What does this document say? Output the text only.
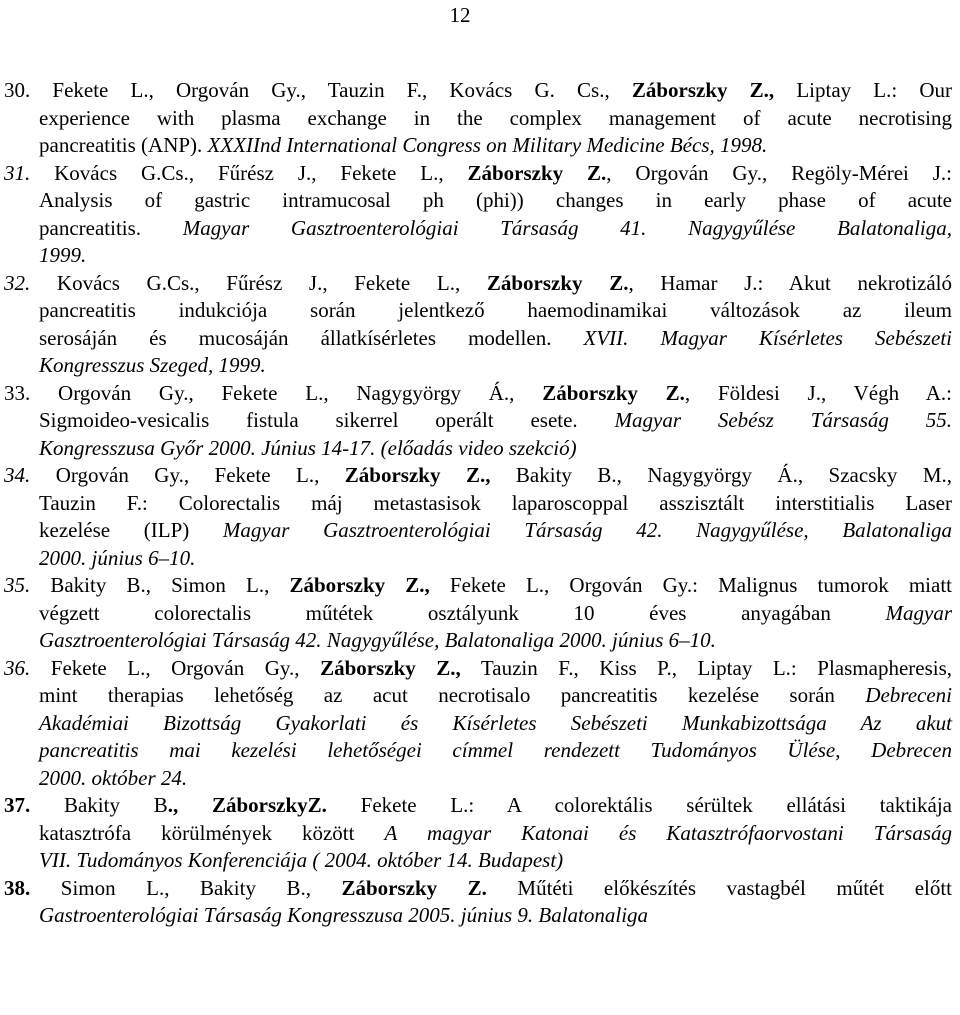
12

30. Fekete L., Orgován Gy., Tauzin F., Kovács G. Cs., Záborszky Z., Liptay L.: Our

experience with plasma exchange in the complex management of acute necrotising

pancreatitis (ANP). XXXIInd International Congress on Military Medicine Bécs, 1998.

31. Kovács G.Cs., Fűrész J., Fekete L., Záborszky Z., Orgován Gy., Regöly-Mérei J.:

Analysis of gastric intramucosal ph (phi)) changes in early phase of acute

pancreatitis. Magyar Gasztroenterológiai Társaság 41. Nagygyűlése Balatonaliga,

1999.

32. Kovács G.Cs., Fűrész J., Fekete L., Záborszky Z., Hamar J.: Akut nekrotizáló

pancreatitis indukciója során jelentkező haemodinamikai változások az ileum

serosáján és mucosáján állatkísérletes modellen. XVII. Magyar Kísérletes Sebészeti

Kongresszus Szeged, 1999.

33. Orgován Gy., Fekete L., Nagygyörgy Á., Záborszky Z., Földesi J., Végh A.:

Sigmoideo-vesicalis fistula sikerrel operált esete. Magyar Sebész Társaság 55.

Kongresszusa Győr 2000. Június 14-17. (előadás video szekció)

34. Orgován Gy., Fekete L., Záborszky Z., Bakity B., Nagygyörgy Á., Szacsky M.,

Tauzin F.: Colorectalis máj metastasisok laparoscoppal asszisztált interstitialis Laser

kezelése (ILP) Magyar Gasztroenterológiai Társaság 42. Nagygyűlése, Balatonaliga

2000. június 6–10.

35. Bakity B., Simon L., Záborszky Z., Fekete L., Orgován Gy.: Malignus tumorok miatt

végzett colorectalis műtétek osztályunk 10 éves anyagában Magyar

Gasztroenterológiai Társaság 42. Nagygyűlése, Balatonaliga 2000. június 6–10.

36. Fekete L., Orgován Gy., Záborszky Z., Tauzin F., Kiss P., Liptay L.: Plasmapheresis,

mint therapias lehetőség az acut necrotisalo pancreatitis kezelése során Debreceni

Akadémiai Bizottság Gyakorlati és Kísérletes Sebészeti Munkabizottsága Az akut

pancreatitis mai kezelési lehetőségei címmel rendezett Tudományos Ülése, Debrecen

2000. október 24.

37. Bakity B., ZáborszkyZ. Fekete L.: A colorektális sérültek ellátási taktikája

katasztrófa körülmények között A magyar Katonai és Katasztrófaorvostani Társaság

VII. Tudományos Konferenciája ( 2004. október 14. Budapest)

38. Simon L., Bakity B., Záborszky Z. Műtéti előkészítés vastagbél műtét előtt

Gastroenterológiai Társaság Kongresszusa 2005. június 9. Balatonaliga
